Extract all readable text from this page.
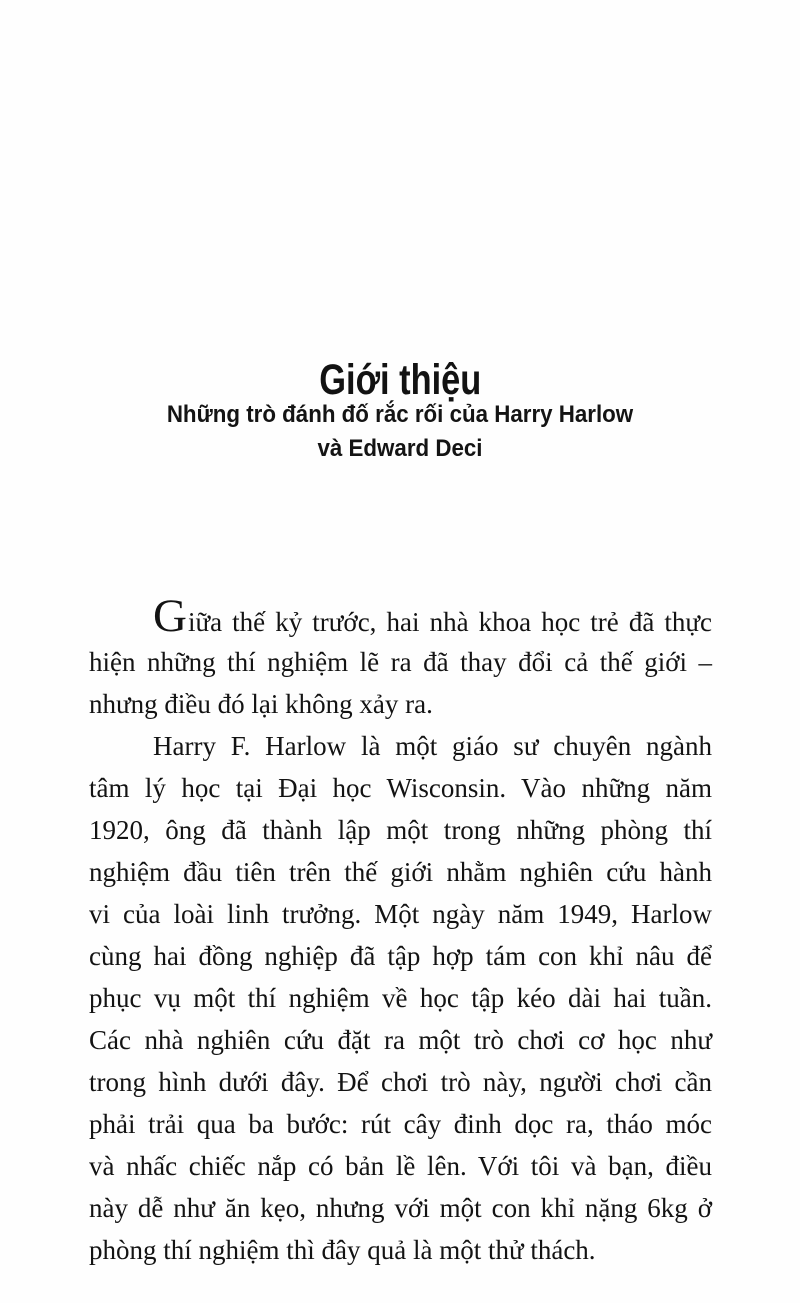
Giới thiệu
Những trò đánh đố rắc rối của Harry Harlow
và Edward Deci
Giữa thế kỷ trước, hai nhà khoa học trẻ đã thực
hiện những thí nghiệm lẽ ra đã thay đổi cả thế giới –
nhưng điều đó lại không xảy ra.
Harry F. Harlow là một giáo sư chuyên ngành
tâm lý học tại Đại học Wisconsin. Vào những năm
1920, ông đã thành lập một trong những phòng thí
nghiệm đầu tiên trên thế giới nhằm nghiên cứu hành
vi của loài linh trưởng. Một ngày năm 1949, Harlow
cùng hai đồng nghiệp đã tập hợp tám con khỉ nâu để
phục vụ một thí nghiệm về học tập kéo dài hai tuần.
Các nhà nghiên cứu đặt ra một trò chơi cơ học như
trong hình dưới đây. Để chơi trò này, người chơi cần
phải trải qua ba bước: rút cây đinh dọc ra, tháo móc
và nhấc chiếc nắp có bản lề lên. Với tôi và bạn, điều
này dễ như ăn kẹo, nhưng với một con khỉ nặng 6kg ở
phòng thí nghiệm thì đây quả là một thử thách.
